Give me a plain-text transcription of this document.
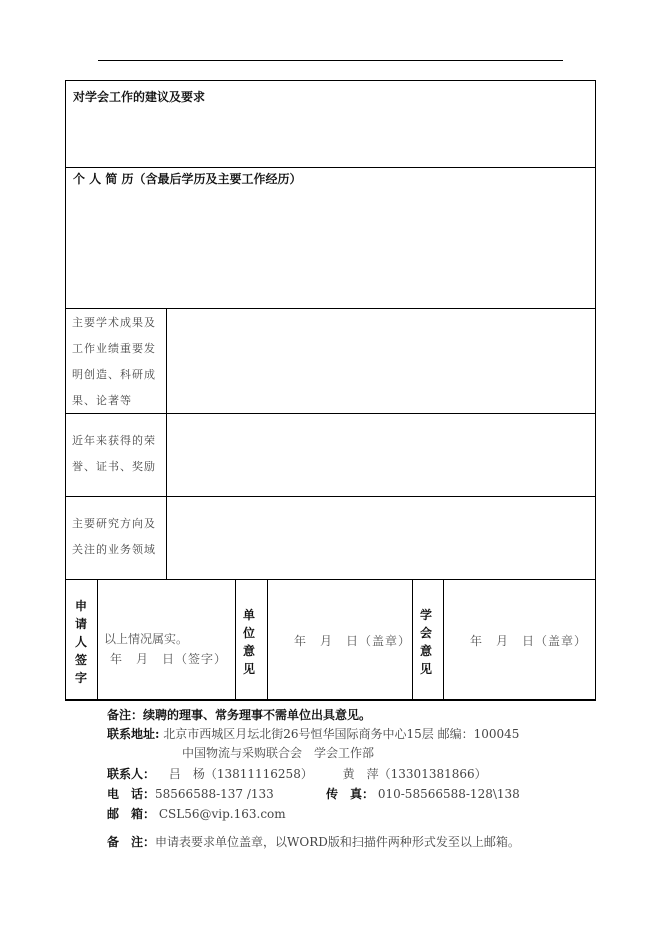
对学会工作的建议及要求
个 人 简 历（含最后学历及主要工作经历）
主要学术成果及工作业绩重要发明创造、科研成果、论著等
近年来获得的荣誉、证书、奖励
主要研究方向及关注的业务领域
申请人签字
以上情况属实。
年　月　日（签字）
单位意见
年　月　日（盖章）
学会意见
年　月　日（盖章）
备注：续聘的理事、常务理事不需单位出具意见。
联系地址: 北京市西城区月坛北街26号恒华国际商务中心15层 邮编：100045
中国物流与采购联合会　学会工作部
联系人： 吕　杨（13811116258） 黄　萍（13301381866）
电　话：58566588-137 /133	传　真： 010-58566588-128\138
邮　箱： CSL56@vip.163.com
备　注：申请表要求单位盖章，以WORD版和扫描件两种形式发至以上邮箱。
